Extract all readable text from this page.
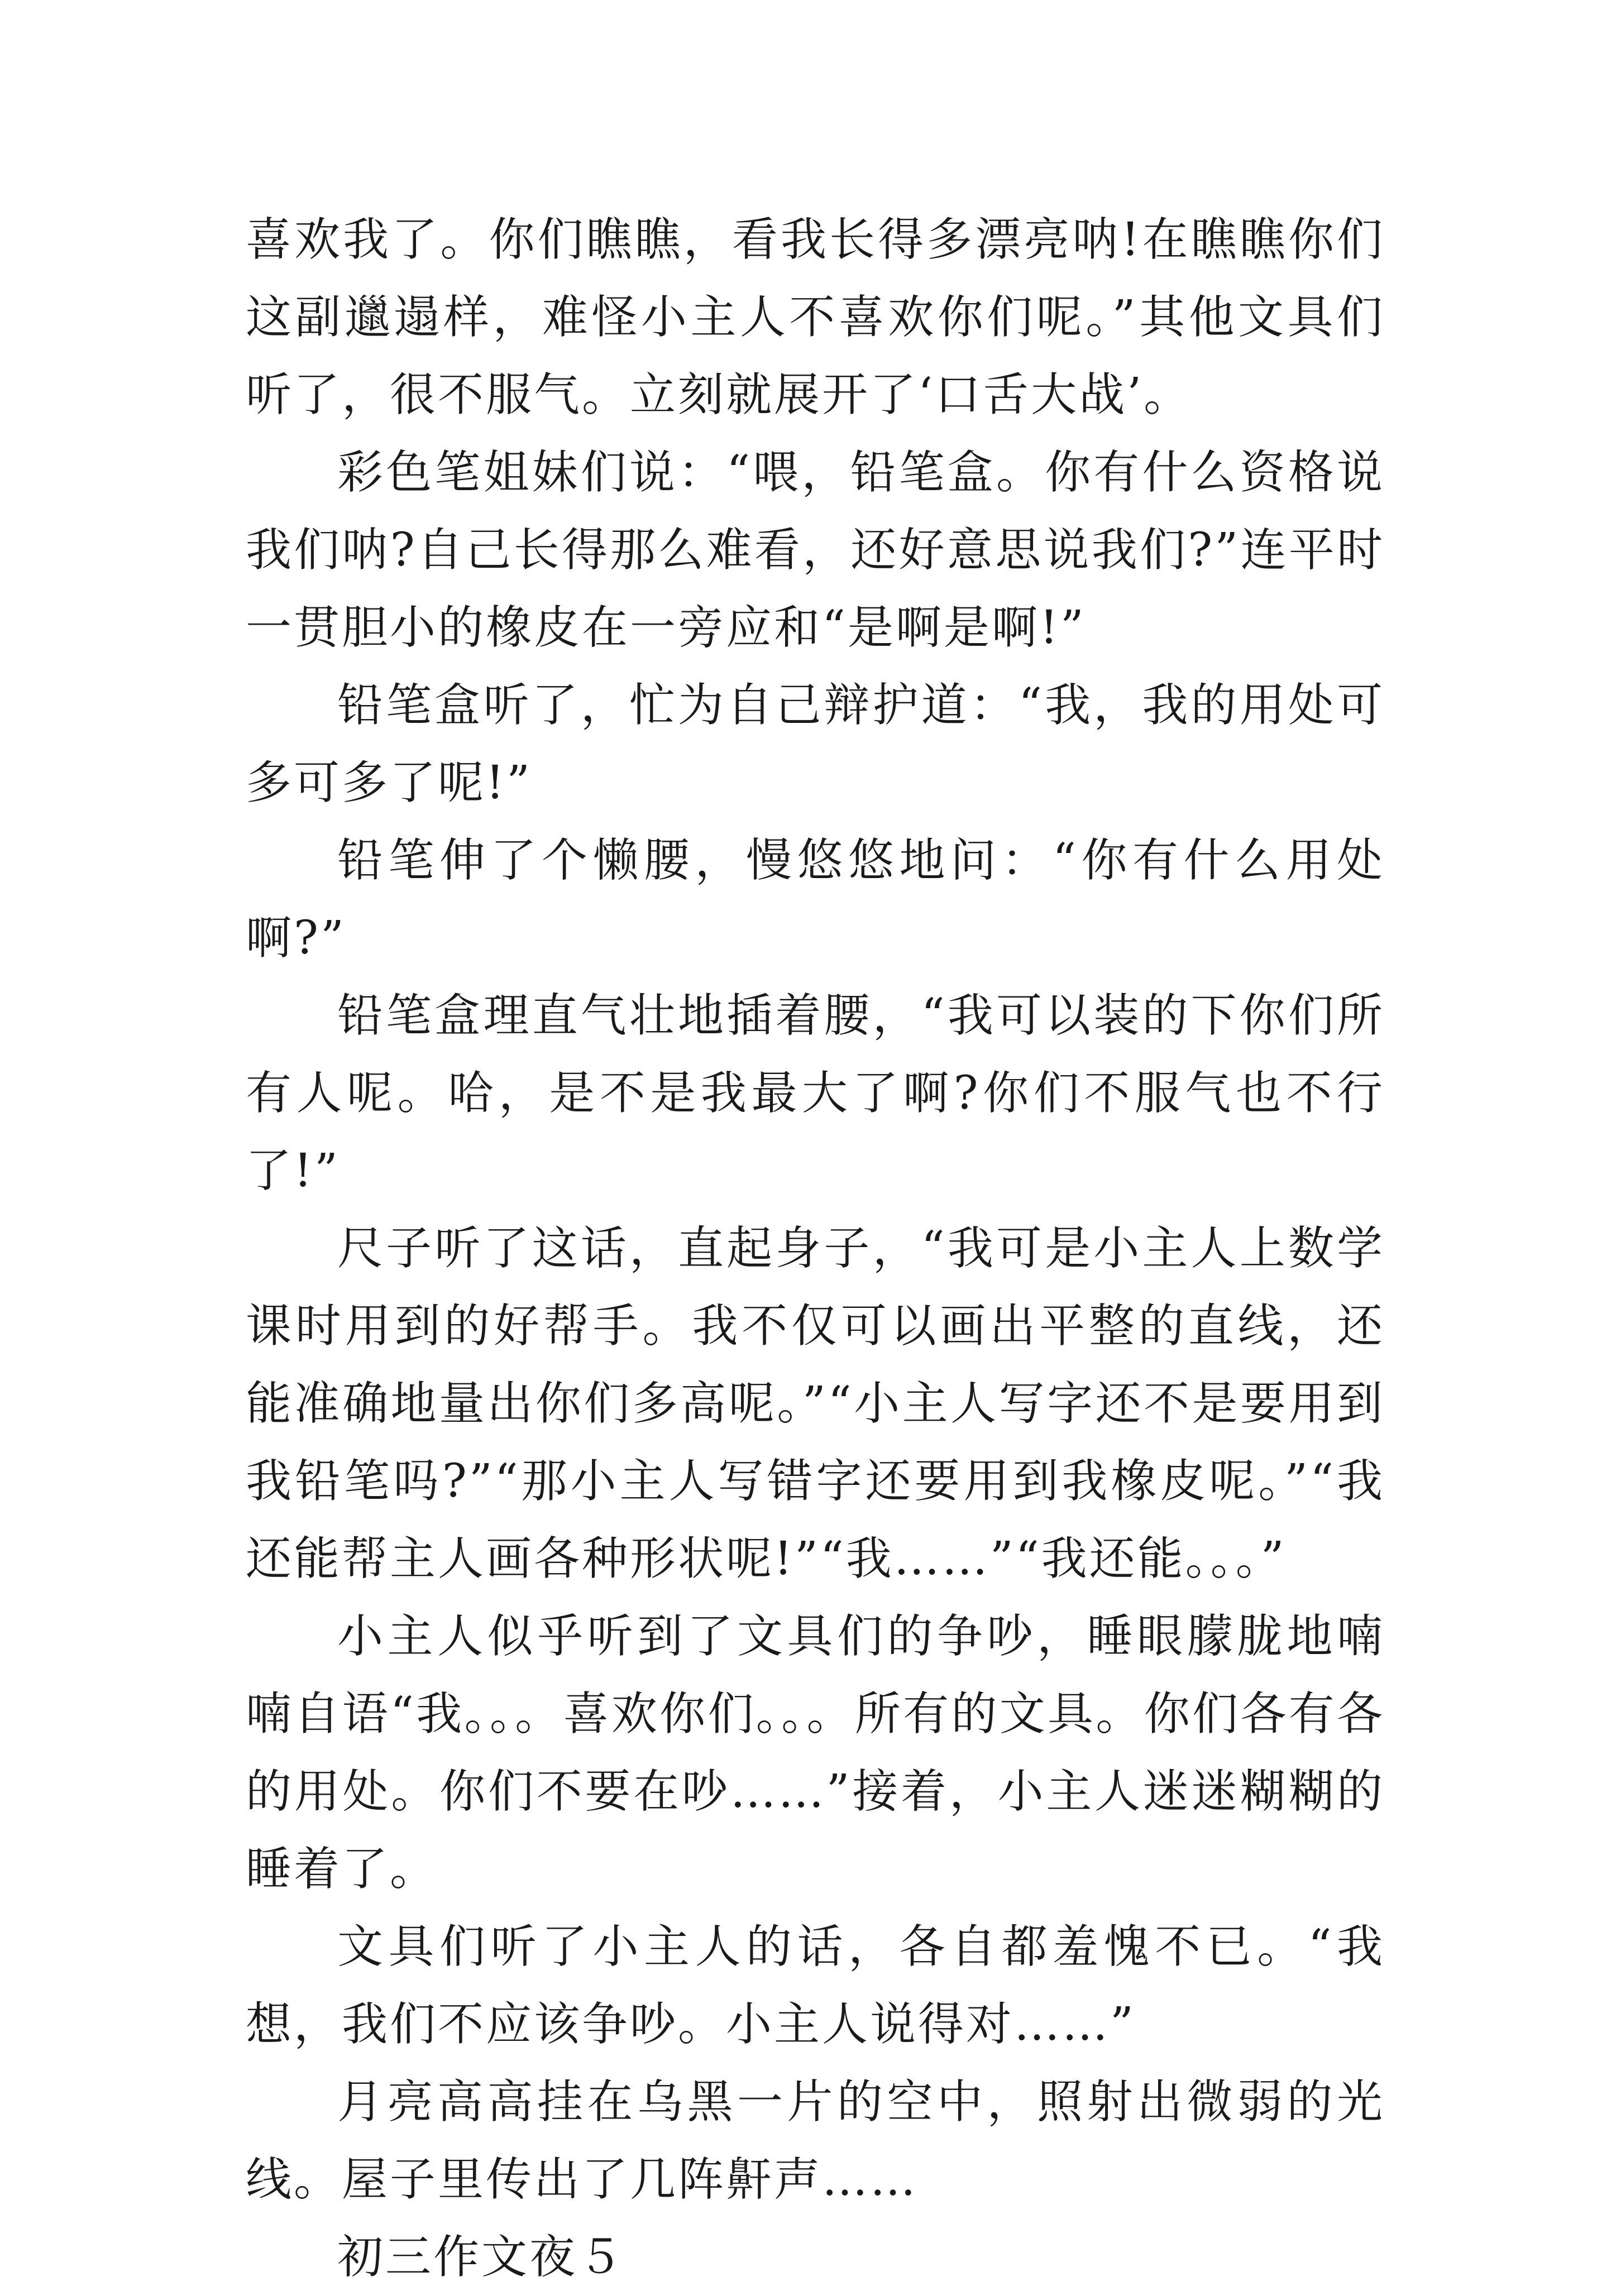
喜欢我了。你们瞧瞧，看我长得多漂亮呐!在瞧瞧你们这副邋遢样，难怪小主人不喜欢你们呢。”其他文具们听了，很不服气。立刻就展开了‘口舌大战’。

彩色笔姐妹们说：“喂，铅笔盒。你有什么资格说我们呐?自己长得那么难看，还好意思说我们?”连平时一贯胆小的橡皮在一旁应和“是啊是啊!”

铅笔盒听了，忙为自己辩护道：“我，我的用处可多可多了呢!”

铅笔伸了个懒腰，慢悠悠地问：“你有什么用处啊?”

铅笔盒理直气壮地插着腰，“我可以装的下你们所有人呢。哈，是不是我最大了啊?你们不服气也不行了!”

尺子听了这话，直起身子，“我可是小主人上数学课时用到的好帮手。我不仅可以画出平整的直线，还能准确地量出你们多高呢。”“小主人写字还不是要用到我铅笔吗?”“那小主人写错字还要用到我橡皮呢。”“我还能帮主人画各种形状呢!”“我……”“我还能。。。”

小主人似乎听到了文具们的争吵，睡眼朦胧地喃喃自语“我。。。喜欢你们。。。所有的文具。你们各有各的用处。你们不要在吵……”接着，小主人迷迷糊糊的睡着了。

文具们听了小主人的话，各自都羞愧不已。“我想，我们不应该争吵。小主人说得对……”

月亮高高挂在乌黑一片的空中，照射出微弱的光线。屋子里传出了几阵鼾声……

初三作文夜５
